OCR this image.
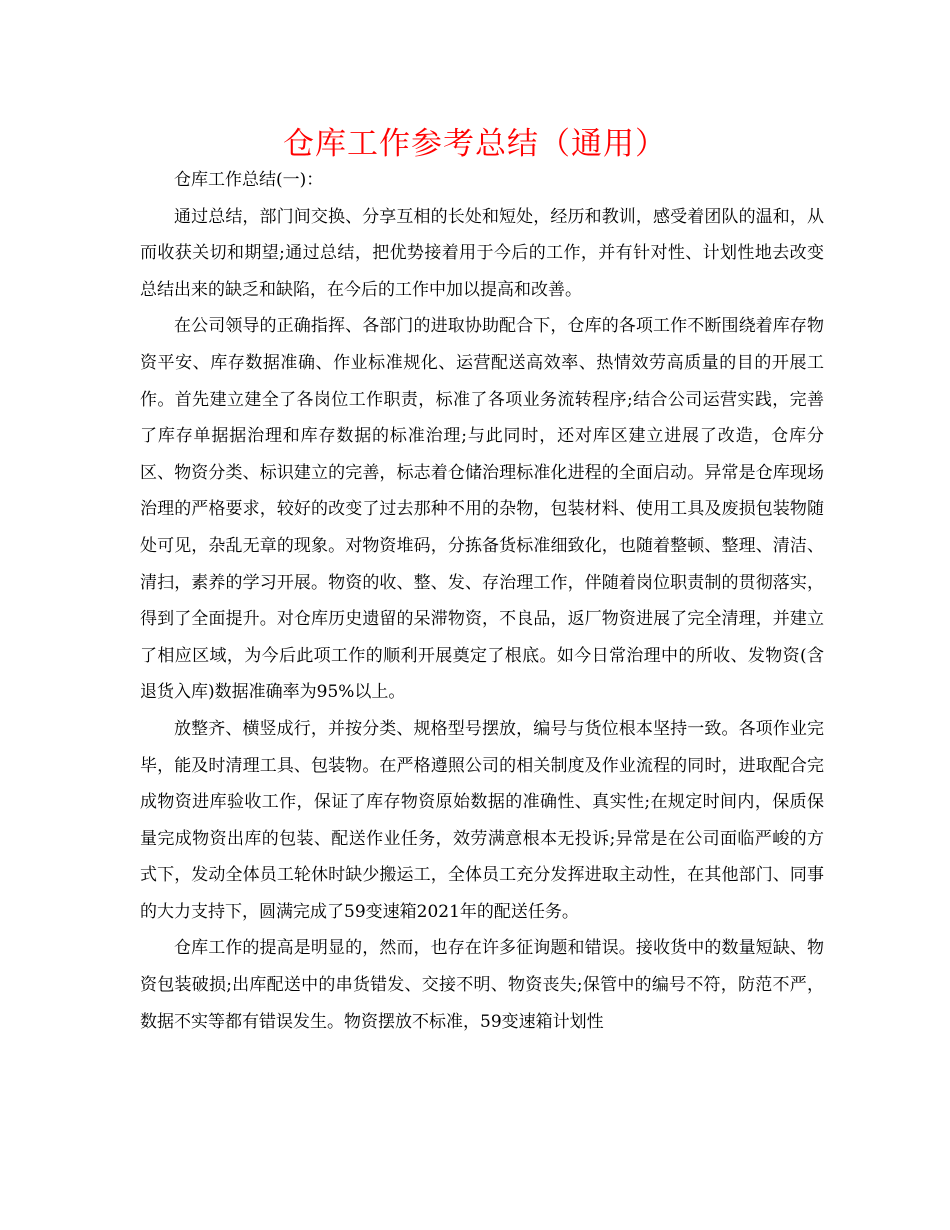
仓库工作参考总结（通用）

仓库工作总结(一)：

通过总结，部门间交换、分享互相的长处和短处，经历和教训，感受着团队的温和，从而收获关切和期望;通过总结，把优势接着用于今后的工作，并有针对性、计划性地去改变总结出来的缺乏和缺陷，在今后的工作中加以提高和改善。

在公司领导的正确指挥、各部门的进取协助配合下，仓库的各项工作不断围绕着库存物资平安、库存数据准确、作业标准规化、运营配送高效率、热情效劳高质量的目的开展工作。首先建立建全了各岗位工作职责，标准了各项业务流转程序;结合公司运营实践，完善了库存单据据治理和库存数据的标准治理;与此同时，还对库区建立进展了改造，仓库分区、物资分类、标识建立的完善，标志着仓储治理标准化进程的全面启动。异常是仓库现场治理的严格要求，较好的改变了过去那种不用的杂物，包装材料、使用工具及废损包装物随处可见，杂乱无章的现象。对物资堆码，分拣备货标准细致化，也随着整顿、整理、清洁、清扫，素养的学习开展。物资的收、整、发、存治理工作，伴随着岗位职责制的贯彻落实，得到了全面提升。对仓库历史遗留的呆滞物资，不良品，返厂物资进展了完全清理，并建立了相应区域，为今后此项工作的顺利开展奠定了根底。如今日常治理中的所收、发物资(含退货入库)数据准确率为95%以上。

放整齐、横竖成行，并按分类、规格型号摆放，编号与货位根本坚持一致。各项作业完毕，能及时清理工具、包装物。在严格遵照公司的相关制度及作业流程的同时，进取配合完成物资进库验收工作，保证了库存物资原始数据的准确性、真实性;在规定时间内，保质保量完成物资出库的包装、配送作业任务，效劳满意根本无投诉;异常是在公司面临严峻的方式下，发动全体员工轮休时缺少搬运工，全体员工充分发挥进取主动性，在其他部门、同事的大力支持下，圆满完成了59变速箱2021年的配送任务。

仓库工作的提高是明显的，然而，也存在许多征询题和错误。接收货中的数量短缺、物资包装破损;出库配送中的串货错发、交接不明、物资丧失;保管中的编号不符，防范不严，数据不实等都有错误发生。物资摆放不标准，59变速箱计划性
